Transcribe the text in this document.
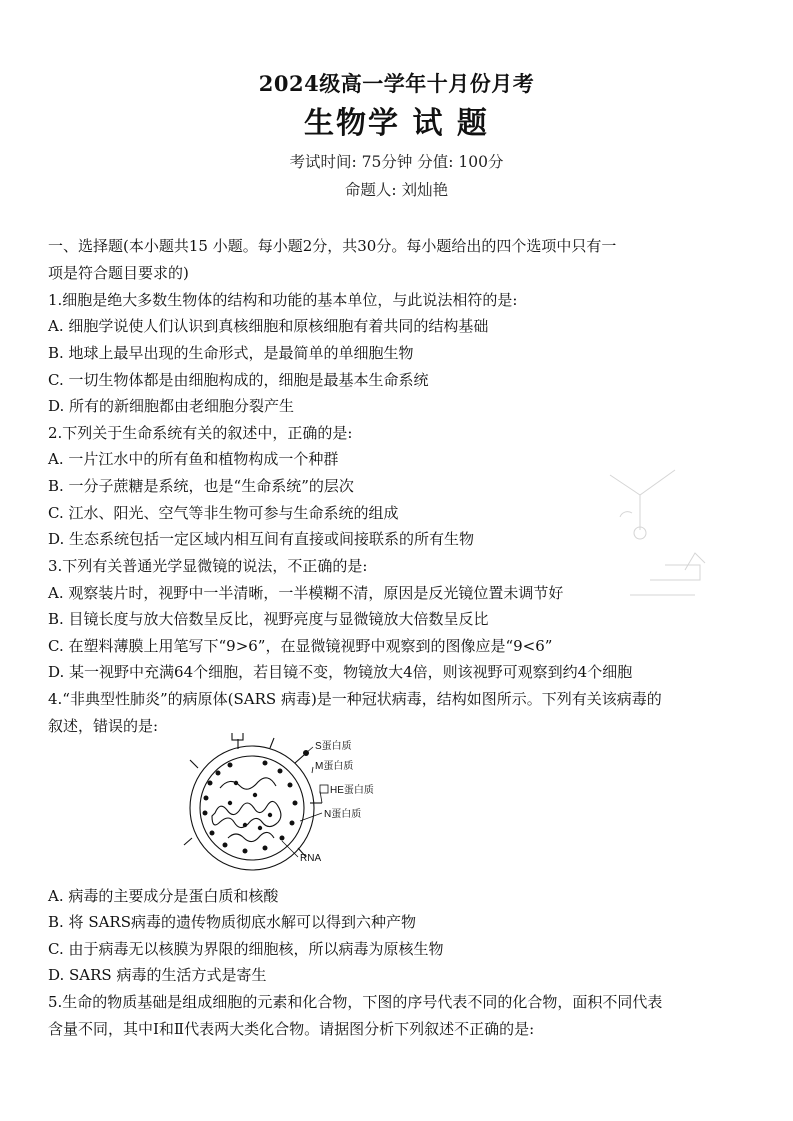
2024级高一学年十月份月考
生物学 试 题
考试时间: 75分钟 分值: 100分
命题人: 刘灿艳
一、选择题(本小题共15 小题。每小题2分，共30分。每小题给出的四个选项中只有一
项是符合题目要求的)
1.细胞是绝大多数生物体的结构和功能的基本单位，与此说法相符的是:
A. 细胞学说使人们认识到真核细胞和原核细胞有着共同的结构基础
B. 地球上最早出现的生命形式，是最简单的单细胞生物
C. 一切生物体都是由细胞构成的，细胞是最基本生命系统
D. 所有的新细胞都由老细胞分裂产生
2.下列关于生命系统有关的叙述中，正确的是:
A. 一片江水中的所有鱼和植物构成一个种群
B. 一分子蔗糖是系统，也是“生命系统”的层次
C. 江水、阳光、空气等非生物可参与生命系统的组成
D. 生态系统包括一定区域内相互间有直接或间接联系的所有生物
3.下列有关普通光学显微镜的说法，不正确的是:
A. 观察装片时，视野中一半清晰，一半模糊不清，原因是反光镜位置未调节好
B. 目镜长度与放大倍数呈反比，视野亮度与显微镜放大倍数呈反比
C. 在塑料薄膜上用笔写下“9>6”，在显微镜视野中观察到的图像应是“9<6”
D. 某一视野中充满64个细胞，若目镜不变，物镜放大4倍，则该视野可观察到约4个细胞
4.“非典型性肺炎”的病原体(SARS 病毒)是一种冠状病毒，结构如图所示。下列有关该病毒的
叙述，错误的是:
S蛋白质
M蛋白质
HE蛋白质
N蛋白质
RNA
A. 病毒的主要成分是蛋白质和核酸
B. 将 SARS病毒的遗传物质彻底水解可以得到六种产物
C. 由于病毒无以核膜为界限的细胞核，所以病毒为原核生物
D. SARS 病毒的生活方式是寄生
5.生命的物质基础是组成细胞的元素和化合物，下图的序号代表不同的化合物，面积不同代表
含量不同，其中Ⅰ和Ⅱ代表两大类化合物。请据图分析下列叙述不正确的是:
